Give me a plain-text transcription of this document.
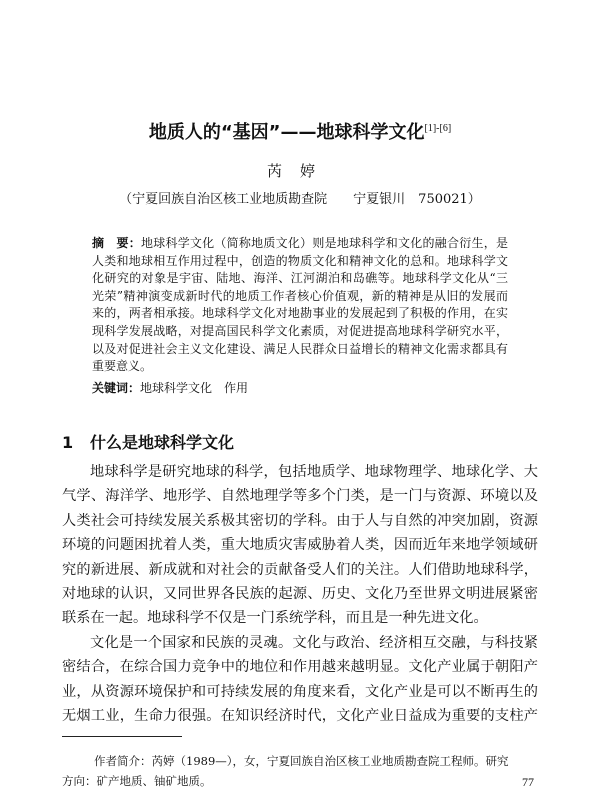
地质人的“基因”——地球科学文化[1]-[6]
芮婷
（宁夏回族自治区核工业地质勘查院　　宁夏银川　750021）
摘　要：地球科学文化（简称地质文化）则是地球科学和文化的融合衍生，是
人类和地球相互作用过程中，创造的物质文化和精神文化的总和。地球科学文
化研究的对象是宇宙、陆地、海洋、江河湖泊和岛礁等。地球科学文化从“三
光荣”精神演变成新时代的地质工作者核心价值观，新的精神是从旧的发展而
来的，两者相承接。地球科学文化对地勘事业的发展起到了积极的作用，在实
现科学发展战略，对提高国民科学文化素质，对促进提高地球科学研究水平，
以及对促进社会主义文化建设、满足人民群众日益增长的精神文化需求都具有
重要意义。
关键词：地球科学文化　作用
1 什么是地球科学文化
地球科学是研究地球的科学，包括地质学、地球物理学、地球化学、大
气学、海洋学、地形学、自然地理学等多个门类，是一门与资源、环境以及
人类社会可持续发展关系极其密切的学科。由于人与自然的冲突加剧，资源
环境的问题困扰着人类，重大地质灾害威胁着人类，因而近年来地学领域研
究的新进展、新成就和对社会的贡献备受人们的关注。人们借助地球科学，
对地球的认识，又同世界各民族的起源、历史、文化乃至世界文明进展紧密
联系在一起。地球科学不仅是一门系统学科，而且是一种先进文化。
文化是一个国家和民族的灵魂。文化与政治、经济相互交融，与科技紧
密结合，在综合国力竞争中的地位和作用越来越明显。文化产业属于朝阳产
业，从资源环境保护和可持续发展的角度来看，文化产业是可以不断再生的
无烟工业，生命力很强。在知识经济时代，文化产业日益成为重要的支柱产
作者简介：芮婷（1989—），女，宁夏回族自治区核工业地质勘查院工程师。研究
方向：矿产地质、铀矿地质。	77
